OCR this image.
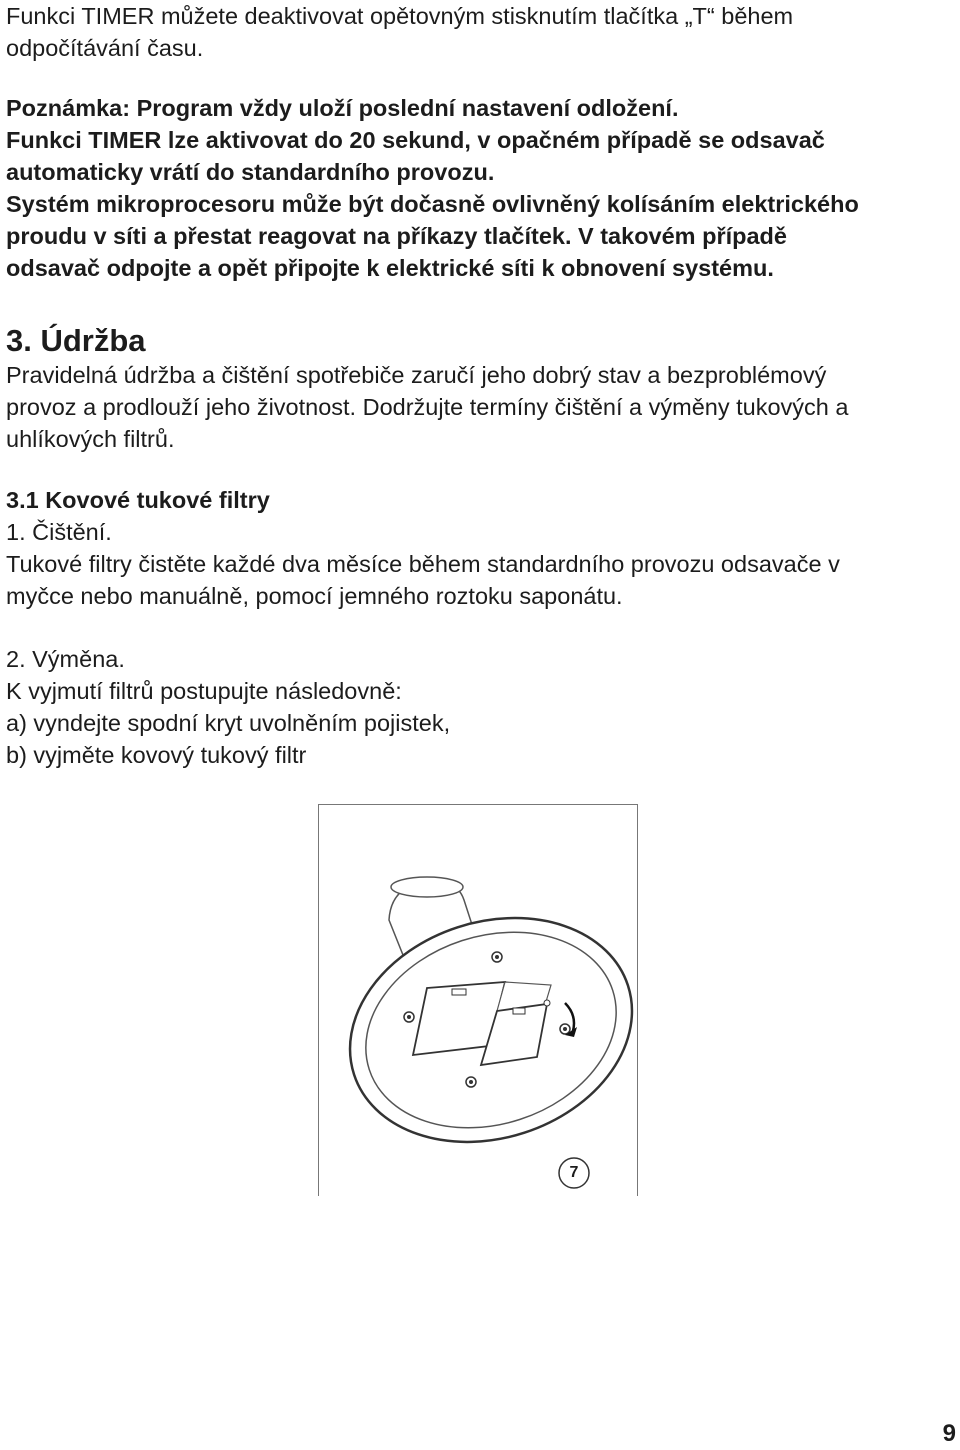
Funkci TIMER můžete deaktivovat opětovným stisknutím tlačítka „T“ během
odpočítávání času.
Poznámka: Program vždy uloží poslední nastavení odložení.
Funkci TIMER lze aktivovat do 20 sekund, v opačném případě se odsavač
automaticky vrátí do standardního provozu.
Systém mikroprocesoru může být dočasně ovlivněný kolísáním elektrického
proudu v síti a přestat reagovat na příkazy tlačítek. V takovém případě
odsavač odpojte a opět připojte k elektrické síti k obnovení systému.
3. Údržba
Pravidelná údržba a čištění spotřebiče zaručí jeho dobrý stav a bezproblémový
provoz a prodlouží jeho životnost. Dodržujte termíny čištění a výměny tukových a
uhlíkových filtrů.
3.1 Kovové tukové filtry
1. Čištění.
Tukové filtry čistěte každé dva měsíce během standardního provozu odsavače v
myčce nebo manuálně, pomocí jemného roztoku saponátu.
2. Výměna.
K vyjmutí filtrů postupujte následovně:
a) vyndejte spodní kryt uvolněním pojistek,
b) vyjměte kovový tukový filtr
7
9
